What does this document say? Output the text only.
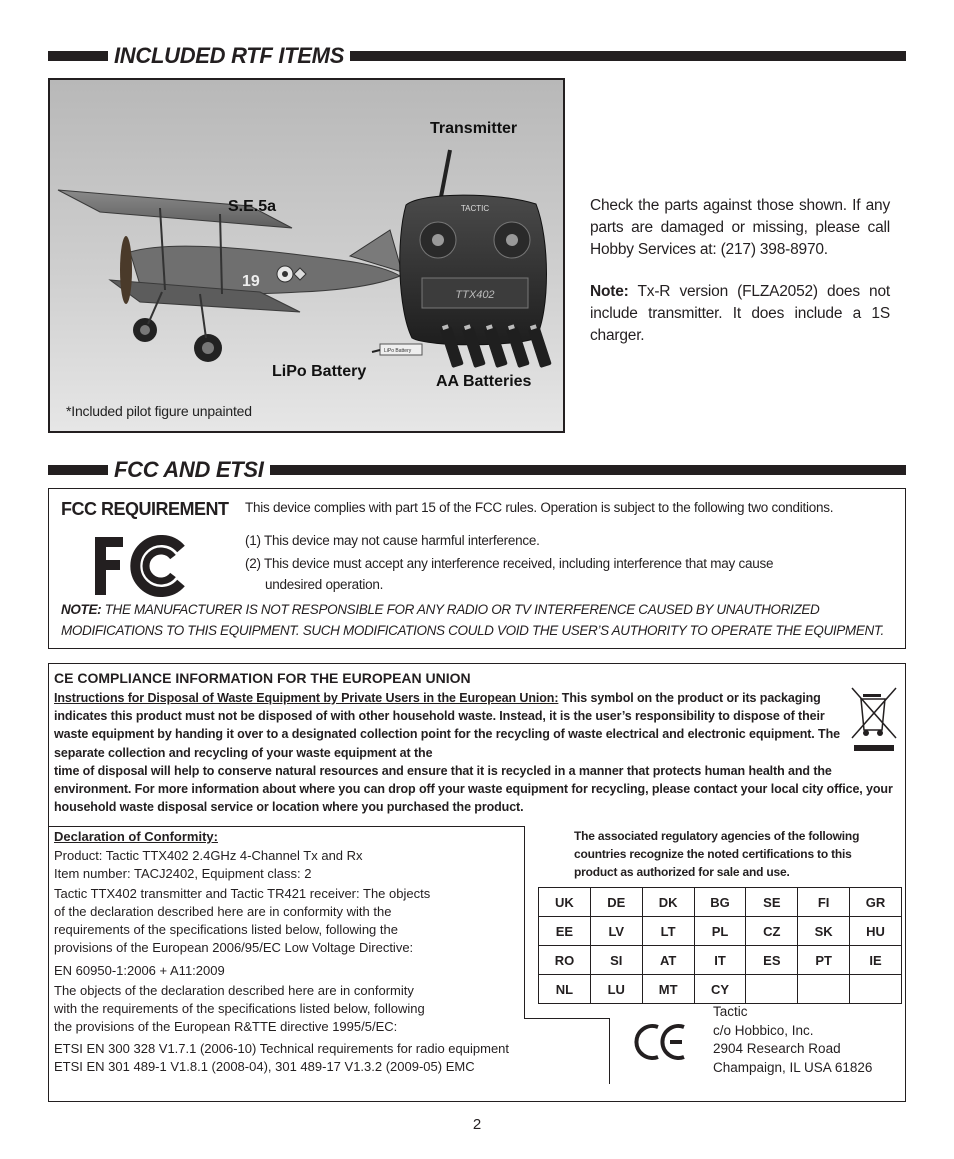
INCLUDED RTF ITEMS
19
TACTIC
TTX402
LiPo Battery
Transmitter
S.E.5a
LiPo Battery
AA Batteries
*Included pilot figure unpainted
Check the parts against those shown. If any parts are damaged or missing, please call Hobby Services at: (217) 398-8970.
Note: Tx-R version (FLZA2052) does not include transmitter. It does include a 1S charger.
FCC AND ETSI
FCC REQUIREMENT This device complies with part 15 of the FCC rules. Operation is subject to the following two conditions.
(1) This device may not cause harmful interference.
(2) This device must accept any interference received, including interference that may cause
undesired operation.
NOTE: THE MANUFACTURER IS NOT RESPONSIBLE FOR ANY RADIO OR TV INTERFERENCE CAUSED BY UNAUTHORIZED MODIFICATIONS TO THIS EQUIPMENT. SUCH MODIFICATIONS COULD VOID THE USER’S AUTHORITY TO OPERATE THE EQUIPMENT.
CE COMPLIANCE INFORMATION FOR THE EUROPEAN UNION
Instructions for Disposal of Waste Equipment by Private Users in the European Union: This symbol on the product or its packaging indicates this product must not be disposed of with other household waste. Instead, it is the user’s responsibility to dispose of their waste equipment by handing it over to a designated collection point for the recycling of waste electrical and electronic equipment. The separate collection and recycling of your waste equipment at the
time of disposal will help to conserve natural resources and ensure that it is recycled in a manner that protects human health and the environment. For more information about where you can drop off your waste equipment for recycling, please contact your local city office, your household waste disposal service or location where you purchased the product.
Declaration of Conformity:
Product: Tactic TTX402 2.4GHz 4-Channel Tx and Rx
Item number: TACJ2402, Equipment class: 2
Tactic TTX402 transmitter and Tactic TR421 receiver: The objects
of the declaration described here are in conformity with the
requirements of the specifications listed below, following the
provisions of the European 2006/95/EC Low Voltage Directive:
EN 60950-1:2006 + A11:2009
The objects of the declaration described here are in conformity
with the requirements of the specifications listed below, following
the provisions of the European R&TTE directive 1995/5/EC:
ETSI EN 300 328 V1.7.1 (2006-10) Technical requirements for radio equipment
ETSI EN 301 489-1 V1.8.1 (2008-04), 301 489-17 V1.3.2 (2009-05) EMC
The associated regulatory agencies of the following countries recognize the noted certifications to this product as authorized for sale and use.
UK	DE	DK	BG	SE	FI	GR
EE	LV	LT	PL	CZ	SK	HU
RO	SI	AT	IT	ES	PT	IE
NL	LU	MT	CY			
Tactic
c/o Hobbico, Inc.
2904 Research Road
Champaign, IL USA 61826
2
